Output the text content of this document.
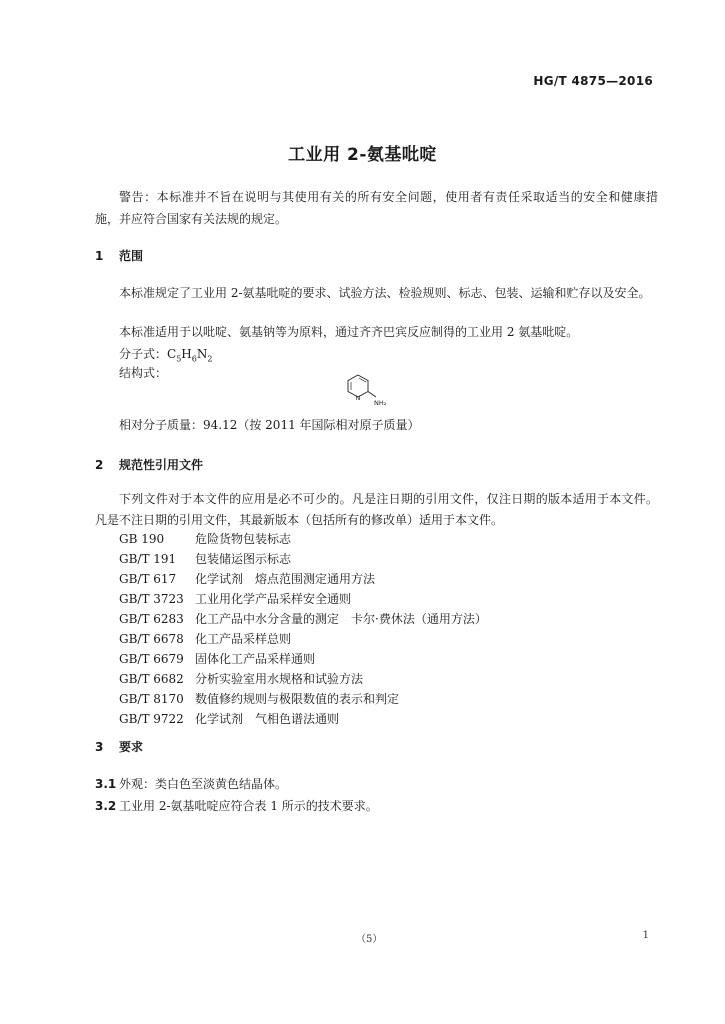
HG/T 4875—2016
工业用 2-氨基吡啶
警告：本标准并不旨在说明与其使用有关的所有安全问题，使用者有责任采取适当的安全和健康措施，并应符合国家有关法规的规定。
1 范围
本标准规定了工业用 2-氨基吡啶的要求、试验方法、检验规则、标志、包装、运输和贮存以及安全。
本标准适用于以吡啶、氨基钠等为原料，通过齐齐巴宾反应制得的工业用 2 氨基吡啶。
分子式：$C_5H_6N_2$
结构式：
N
NH₂
相对分子质量：94.12（按 2011 年国际相对原子质量）
2 规范性引用文件
下列文件对于本文件的应用是必不可少的。凡是注日期的引用文件，仅注日期的版本适用于本文件。凡是不注日期的引用文件，其最新版本（包括所有的修改单）适用于本文件。
GB 190	危险货物包装标志
GB/T 191 包装储运图示标志
GB/T 617 化学试剂　熔点范围测定通用方法
GB/T 3723 工业用化学产品采样安全通则
GB/T 6283 化工产品中水分含量的测定　卡尔·费休法（通用方法）
GB/T 6678 化工产品采样总则
GB/T 6679 固体化工产品采样通则
GB/T 6682 分析实验室用水规格和试验方法
GB/T 8170 数值修约规则与极限数值的表示和判定
GB/T 9722 化学试剂　气相色谱法通则
3 要求
3.1 外观：类白色至淡黄色结晶体。
3.2 工业用 2-氨基吡啶应符合表 1 所示的技术要求。
（5）	1
